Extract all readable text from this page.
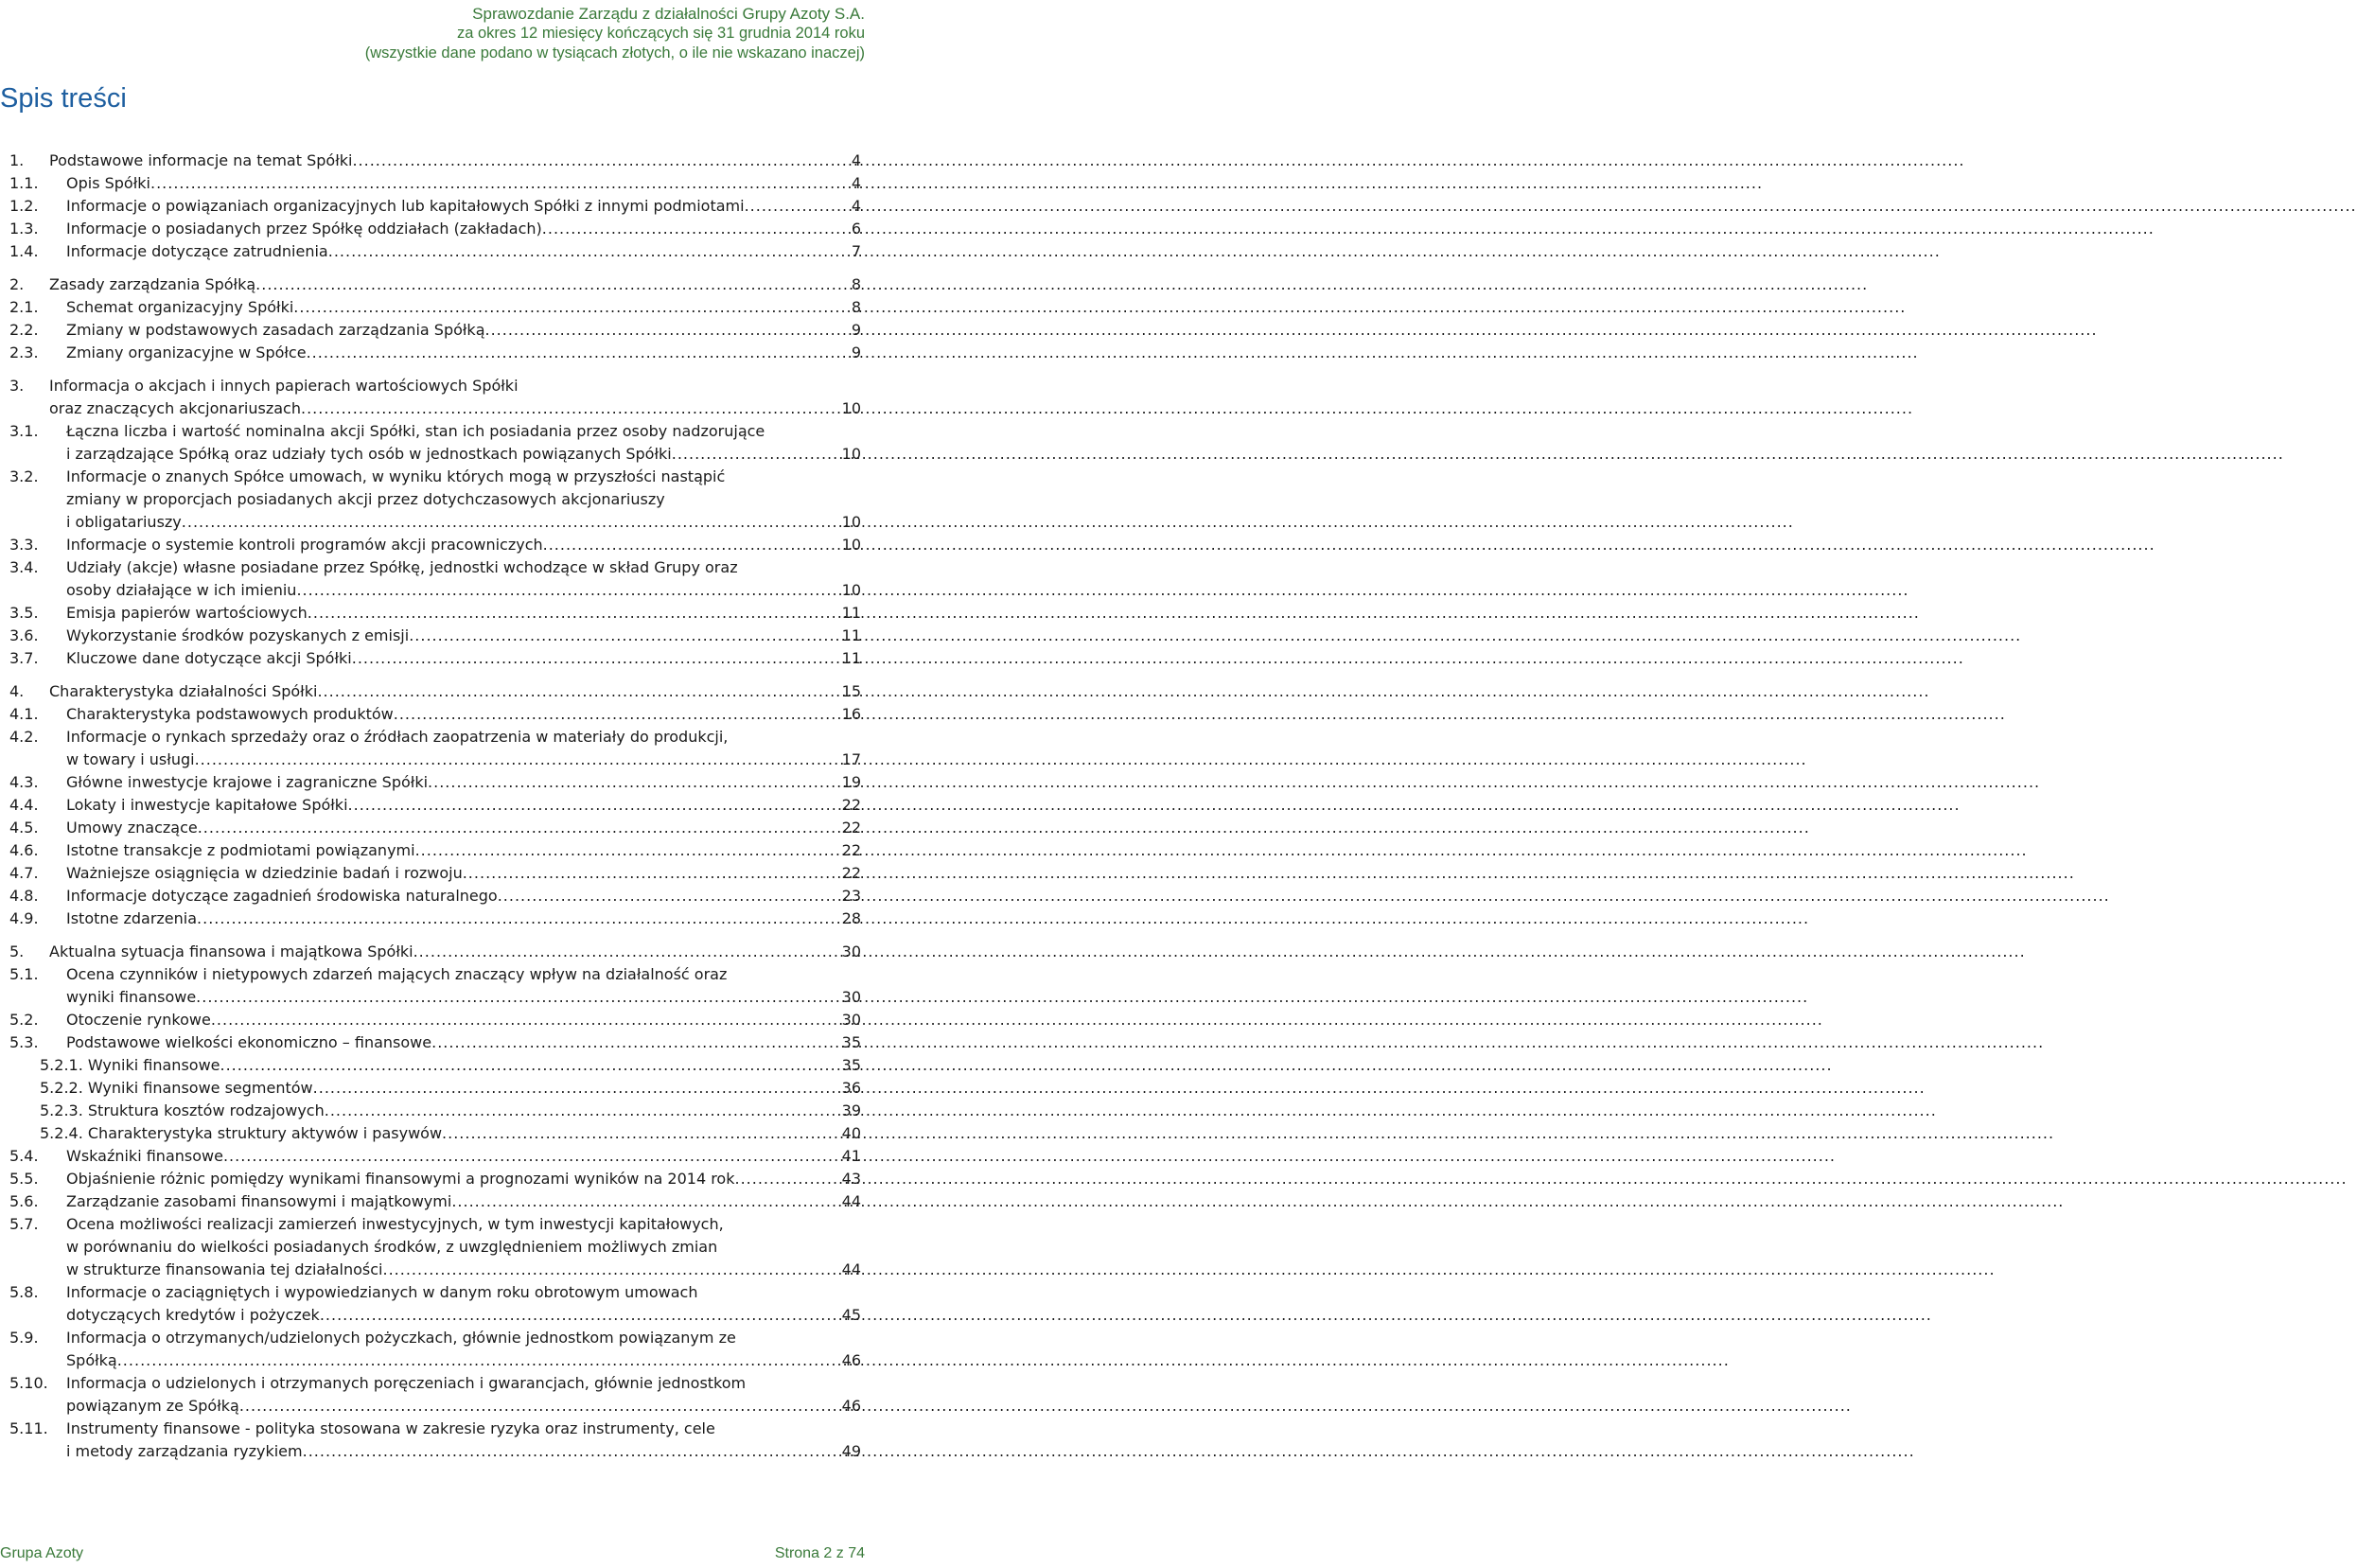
Sprawozdanie Zarządu z działalności Grupy Azoty S.A.
za okres 12 miesięcy kończących się 31 grudnia 2014 roku
(wszystkie dane podano w tysiącach złotych, o ile nie wskazano inaczej)
Spis treści
1.	Podstawowe informacje na temat Spółki .....	4
1.1.	Opis Spółki .....	4
1.2.	Informacje o powiązaniach organizacyjnych lub kapitałowych Spółki z innymi podmiotami .....	4
1.3.	Informacje o posiadanych przez Spółkę oddziałach (zakładach) .....	6
1.4.	Informacje dotyczące zatrudnienia .....	7
2.	Zasady zarządzania Spółką .....	8
2.1.	Schemat organizacyjny Spółki .....	8
2.2.	Zmiany w podstawowych zasadach zarządzania Spółką .....	9
2.3.	Zmiany organizacyjne w Spółce .....	9
3.	Informacja o akcjach i innych papierach wartościowych Spółki
oraz znaczących akcjonariuszach .....	10
3.1.	Łączna liczba i wartość nominalna akcji Spółki, stan ich posiadania przez osoby nadzorujące
i zarządzające Spółką oraz udziały tych osób w jednostkach powiązanych Spółki .....	10
3.2.	Informacje o znanych Spółce umowach, w wyniku których mogą w przyszłości nastąpić
zmiany w proporcjach posiadanych akcji przez dotychczasowych akcjonariuszy
i obligatariuszy .....	10
3.3.	Informacje o systemie kontroli programów akcji pracowniczych .....	10
3.4.	Udziały (akcje) własne posiadane przez Spółkę, jednostki wchodzące w skład Grupy oraz
osoby działające w ich imieniu .....	10
3.5.	Emisja papierów wartościowych .....	11
3.6.	Wykorzystanie środków pozyskanych z emisji .....	11
3.7.	Kluczowe dane dotyczące akcji Spółki .....	11
4.	Charakterystyka działalności Spółki .....	15
4.1.	Charakterystyka podstawowych produktów .....	16
4.2.	Informacje o rynkach sprzedaży oraz o źródłach zaopatrzenia w materiały do produkcji,
w towary i usługi .....	17
4.3.	Główne inwestycje krajowe i zagraniczne Spółki .....	19
4.4.	Lokaty i inwestycje kapitałowe Spółki .....	22
4.5.	Umowy znaczące .....	22
4.6.	Istotne transakcje z podmiotami powiązanymi .....	22
4.7.	Ważniejsze osiągnięcia w dziedzinie badań i rozwoju .....	22
4.8.	Informacje dotyczące zagadnień środowiska naturalnego .....	23
4.9.	Istotne zdarzenia .....	28
5.	Aktualna sytuacja finansowa i majątkowa Spółki .....	30
5.1.	Ocena czynników i nietypowych zdarzeń mających znaczący wpływ na działalność oraz
wyniki finansowe .....	30
5.2.	Otoczenie rynkowe .....	30
5.3.	Podstawowe wielkości ekonomiczno – finansowe .....	35
5.2.1. Wyniki finansowe .....	35
5.2.2. Wyniki finansowe segmentów .....	36
5.2.3. Struktura kosztów rodzajowych .....	39
5.2.4. Charakterystyka struktury aktywów i pasywów .....	40
5.4.	Wskaźniki finansowe .....	41
5.5.	Objaśnienie różnic pomiędzy wynikami finansowymi a prognozami wyników na 2014 rok .....	43
5.6.	Zarządzanie zasobami finansowymi i majątkowymi .....	44
5.7.	Ocena możliwości realizacji zamierzeń inwestycyjnych, w tym inwestycji kapitałowych,
w porównaniu do wielkości posiadanych środków, z uwzględnieniem możliwych zmian
w strukturze finansowania tej działalności .....	44
5.8.	Informacje o zaciągniętych i wypowiedzianych w danym roku obrotowym umowach
dotyczących kredytów i pożyczek .....	45
5.9.	Informacja o otrzymanych/udzielonych pożyczkach, głównie jednostkom powiązanym ze
Spółką .....	46
5.10.	Informacja o udzielonych i otrzymanych poręczeniach i gwarancjach, głównie jednostkom
powiązanym ze Spółką .....	46
5.11.	Instrumenty finansowe - polityka stosowana w zakresie ryzyka oraz instrumenty, cele
i metody zarządzania ryzykiem .....	49
Grupa Azoty	Strona 2 z 74
